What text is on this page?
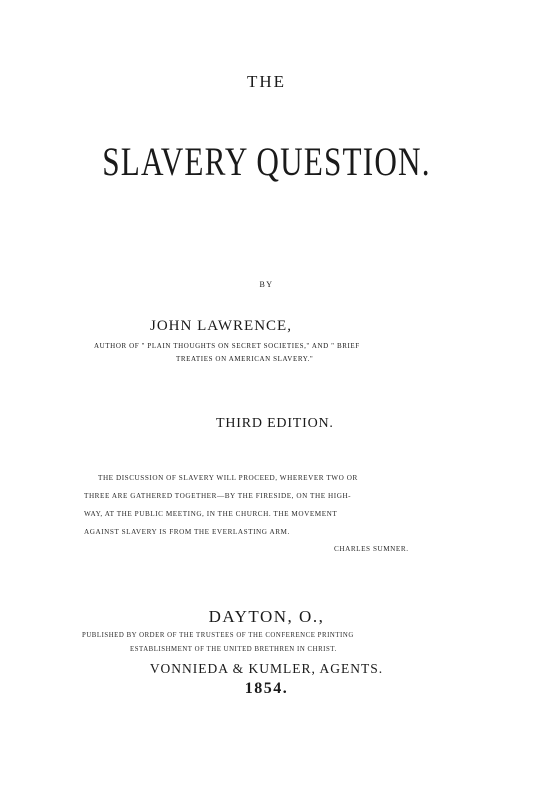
THE
SLAVERY QUESTION.
BY
JOHN LAWRENCE,
AUTHOR OF " PLAIN THOUGHTS ON SECRET SOCIETIES," AND " BRIEF
TREATIES ON AMERICAN SLAVERY."
THIRD EDITION.
THE DISCUSSION OF SLAVERY WILL PROCEED, WHEREVER TWO OR
THREE ARE GATHERED TOGETHER—BY THE FIRESIDE, ON THE HIGH-
WAY, AT THE PUBLIC MEETING, IN THE CHURCH. THE MOVEMENT
AGAINST SLAVERY IS FROM THE EVERLASTING ARM.
CHARLES SUMNER.
DAYTON, O.,
PUBLISHED BY ORDER OF THE TRUSTEES OF THE CONFERENCE PRINTING
ESTABLISHMENT OF THE UNITED BRETHREN IN CHRIST.
VONNIEDA & KUMLER, AGENTS.
1854.
